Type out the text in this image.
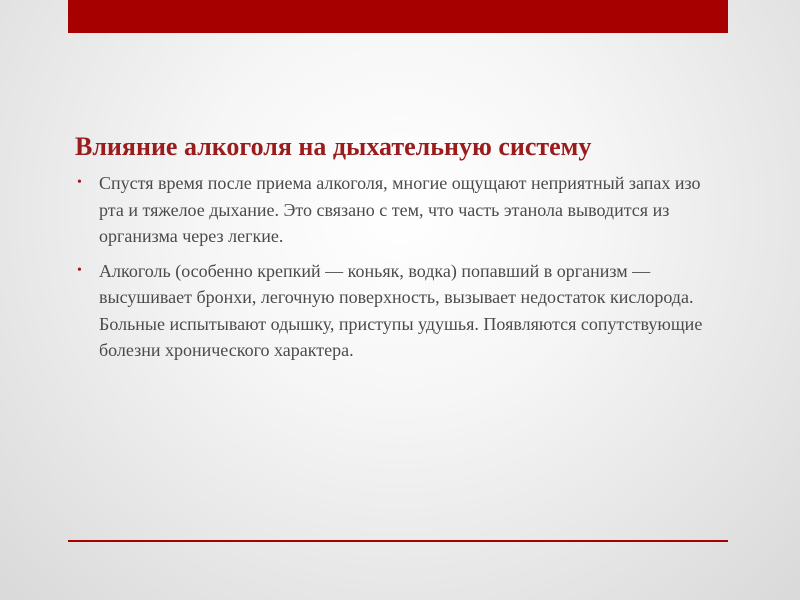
Влияние алкоголя на дыхательную систему
• Спустя время после приема алкоголя, многие ощущают неприятный запах изо рта и тяжелое дыхание. Это связано с тем, что часть этанола выводится из организма через легкие.
• Алкоголь (особенно крепкий — коньяк, водка) попавший в организм — высушивает бронхи, легочную поверхность, вызывает недостаток кислорода. Больные испытывают одышку, приступы удушья. Появляются сопутствующие болезни хронического характера.
